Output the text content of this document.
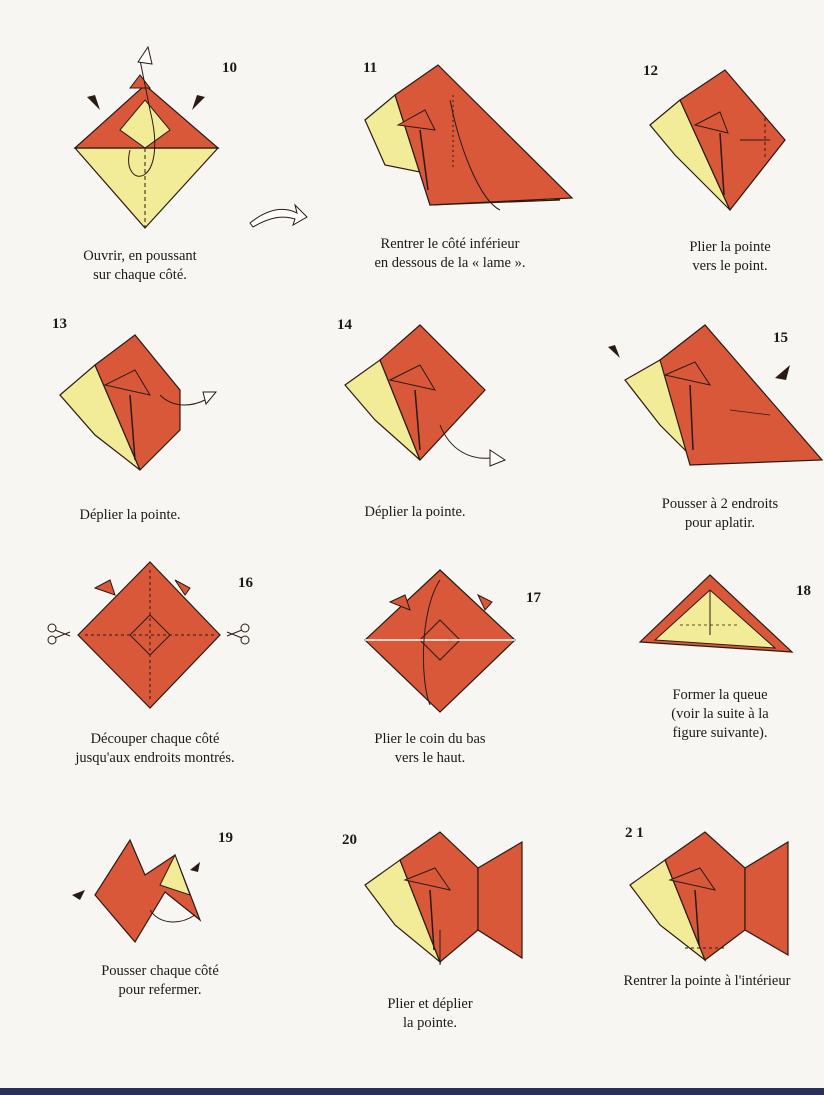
10
Ouvrir, en poussant
sur chaque côté.
11
Rentrer le côté inférieur
en dessous de la « lame ».
12
Plier la pointe
vers le point.
13
Déplier la pointe.
14
Déplier la pointe.
15
Pousser à 2 endroits
pour aplatir.
16
Découper chaque côté
jusqu'aux endroits montrés.
17
Plier le coin du bas
vers le haut.
18
Former la queue
(voir la suite à la
figure suivante).
19
Pousser chaque côté
pour refermer.
20
Plier et déplier
la pointe.
2 1
Rentrer la pointe à l'intérieur
